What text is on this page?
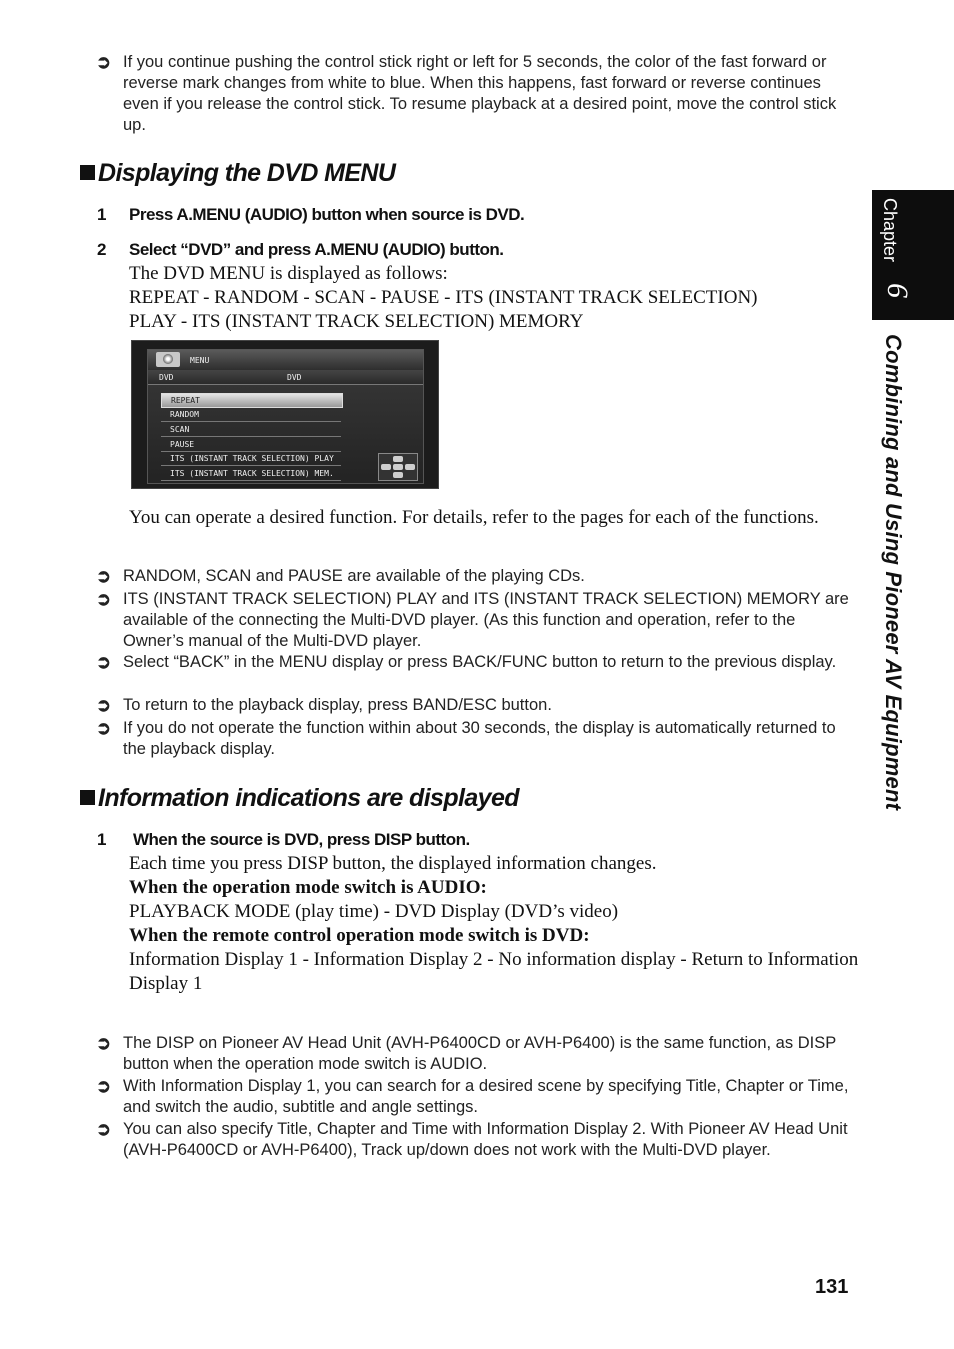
➲ If you continue pushing the control stick right or left for 5 seconds, the color of the fast forward or reverse mark changes from white to blue. When this happens, fast forward or reverse continues even if you release the control stick. To resume playback at a desired point, move the control stick up.
Displaying the DVD MENU
1 Press A.MENU (AUDIO) button when source is DVD.
2 Select “DVD” and press A.MENU (AUDIO) button.
The DVD MENU is displayed as follows:
REPEAT - RANDOM - SCAN - PAUSE - ITS (INSTANT TRACK SELECTION)
PLAY - ITS (INSTANT TRACK SELECTION) MEMORY
MENU
DVD	DVD
REPEAT
RANDOM
SCAN
PAUSE
ITS (INSTANT TRACK SELECTION) PLAY
ITS (INSTANT TRACK SELECTION) MEM.
You can operate a desired function. For details, refer to the pages for each of the functions.
➲ RANDOM, SCAN and PAUSE are available of the playing CDs.
➲ ITS (INSTANT TRACK SELECTION) PLAY and ITS (INSTANT TRACK SELECTION) MEMORY are available of the connecting the Multi-DVD player. (As this function and operation, refer to the Owner’s manual of the Multi-DVD player.
➲ Select “BACK” in the MENU display or press BACK/FUNC button to return to the previous display.
➲ To return to the playback display, press BAND/ESC button.
➲ If you do not operate the function within about 30 seconds, the display is automatically returned to the playback display.
Information indications are displayed
1 When the source is DVD, press DISP button.
Each time you press DISP button, the displayed information changes.
When the operation mode switch is AUDIO:
PLAYBACK MODE (play time) - DVD Display (DVD’s video)
When the remote control operation mode switch is DVD:
Information Display 1 - Information Display 2 - No information display - Return to Information Display 1
➲ The DISP on Pioneer AV Head Unit (AVH-P6400CD or AVH-P6400) is the same function, as DISP button when the operation mode switch is AUDIO.
➲ With Information Display 1, you can search for a desired scene by specifying Title, Chapter or Time, and switch the audio, subtitle and angle settings.
➲ You can also specify Title, Chapter and Time with Information Display 2. With Pioneer AV Head Unit (AVH-P6400CD or AVH-P6400), Track up/down does not work with the Multi-DVD player.
Chapter
6
Combining and Using Pioneer AV Equipment
131
